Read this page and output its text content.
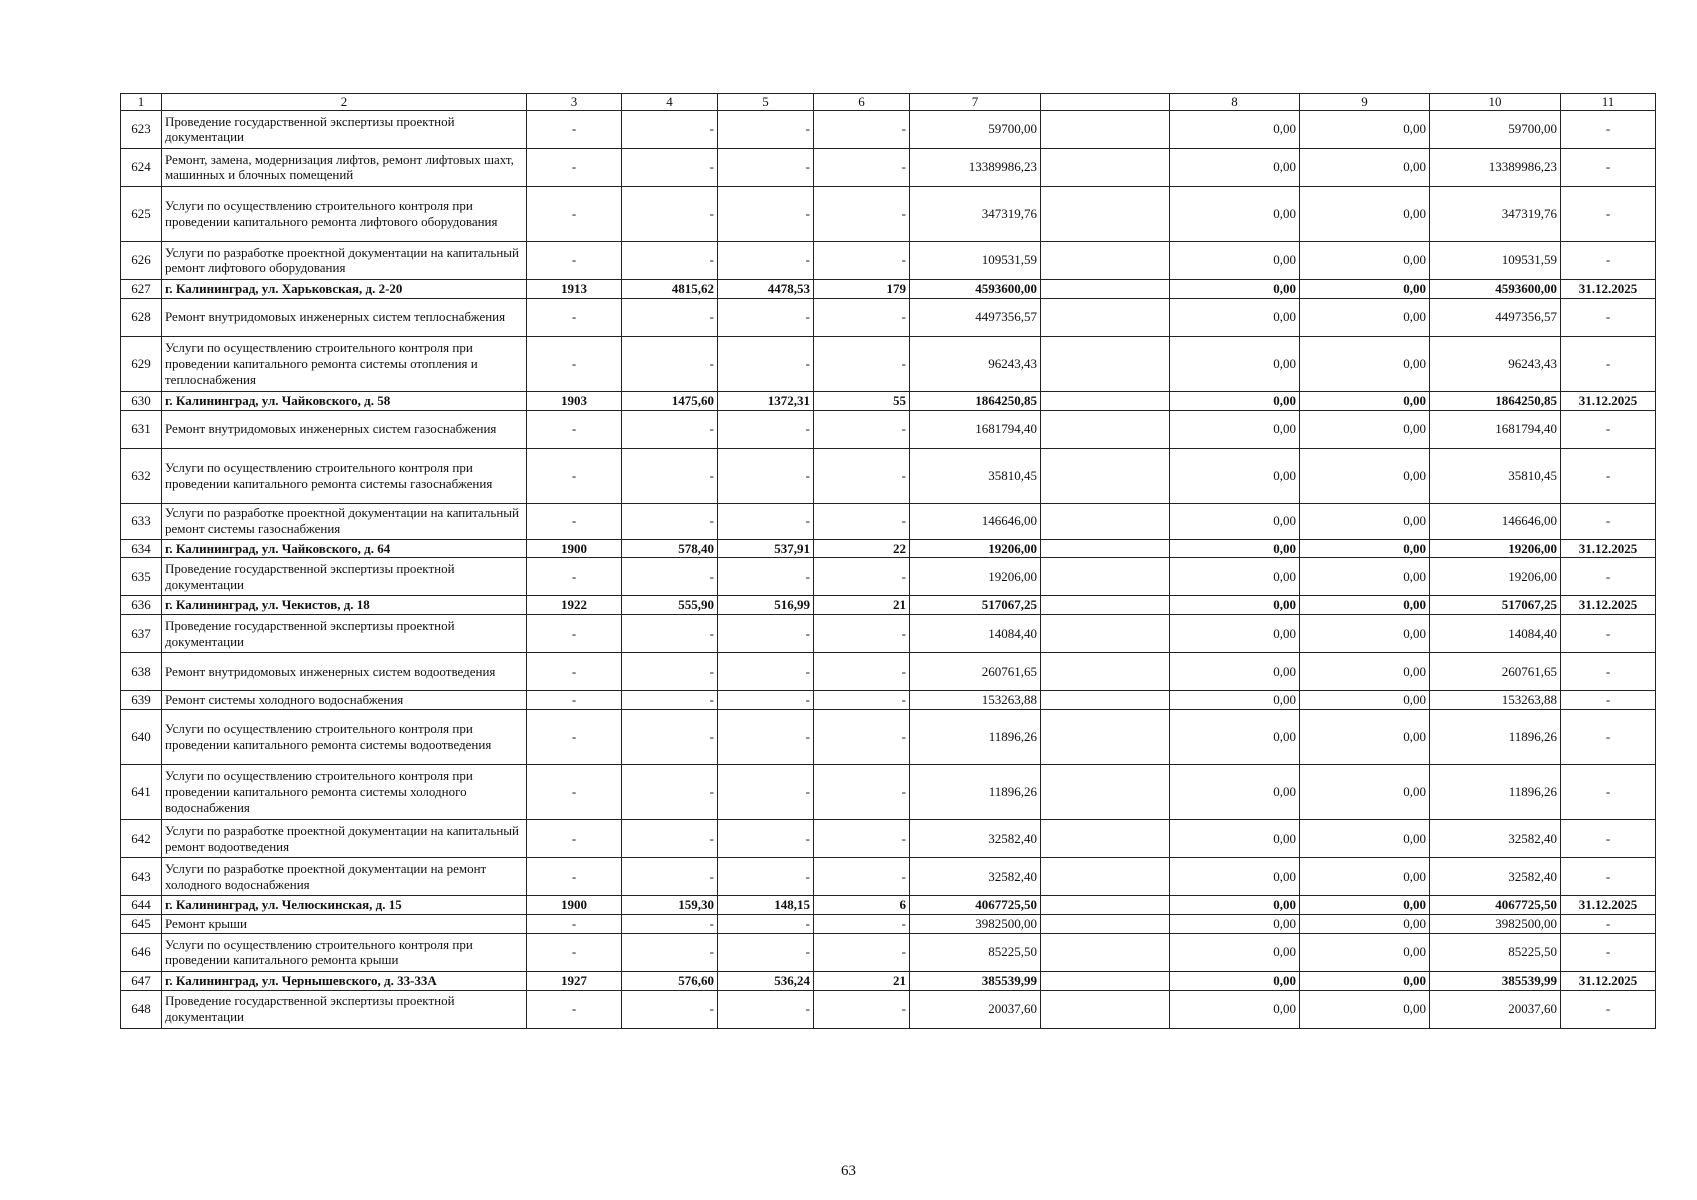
1	2	3	4	5	6	7		8	9	10	11
623	Проведение государственной экспертизы проектной документации	-	-	-	-	59700,00		0,00	0,00	59700,00	-
624	Ремонт, замена, модернизация лифтов, ремонт лифтовых шахт, машинных и блочных помещений	-	-	-	-	13389986,23		0,00	0,00	13389986,23	-
625	Услуги по осуществлению строительного контроля при проведении капитального ремонта лифтового оборудования	-	-	-	-	347319,76		0,00	0,00	347319,76	-
626	Услуги по разработке проектной документации на капитальный ремонт лифтового оборудования	-	-	-	-	109531,59		0,00	0,00	109531,59	-
627	г. Калининград, ул. Харьковская, д. 2-20	1913	4815,62	4478,53	179	4593600,00		0,00	0,00	4593600,00	31.12.2025
628	Ремонт внутридомовых инженерных систем теплоснабжения	-	-	-	-	4497356,57		0,00	0,00	4497356,57	-
629	Услуги по осуществлению строительного контроля при проведении капитального ремонта системы отопления и теплоснабжения	-	-	-	-	96243,43		0,00	0,00	96243,43	-
630	г. Калининград, ул. Чайковского, д. 58	1903	1475,60	1372,31	55	1864250,85		0,00	0,00	1864250,85	31.12.2025
631	Ремонт внутридомовых инженерных систем газоснабжения	-	-	-	-	1681794,40		0,00	0,00	1681794,40	-
632	Услуги по осуществлению строительного контроля при проведении капитального ремонта системы газоснабжения	-	-	-	-	35810,45		0,00	0,00	35810,45	-
633	Услуги по разработке проектной документации на капитальный ремонт системы газоснабжения	-	-	-	-	146646,00		0,00	0,00	146646,00	-
634	г. Калининград, ул. Чайковского, д. 64	1900	578,40	537,91	22	19206,00		0,00	0,00	19206,00	31.12.2025
635	Проведение государственной экспертизы проектной документации	-	-	-	-	19206,00		0,00	0,00	19206,00	-
636	г. Калининград, ул. Чекистов, д. 18	1922	555,90	516,99	21	517067,25		0,00	0,00	517067,25	31.12.2025
637	Проведение государственной экспертизы проектной документации	-	-	-	-	14084,40		0,00	0,00	14084,40	-
638	Ремонт внутридомовых инженерных систем водоотведения	-	-	-	-	260761,65		0,00	0,00	260761,65	-
639	Ремонт системы холодного водоснабжения	-	-	-	-	153263,88		0,00	0,00	153263,88	-
640	Услуги по осуществлению строительного контроля при проведении капитального ремонта системы водоотведения	-	-	-	-	11896,26		0,00	0,00	11896,26	-
641	Услуги по осуществлению строительного контроля при проведении капитального ремонта системы холодного водоснабжения	-	-	-	-	11896,26		0,00	0,00	11896,26	-
642	Услуги по разработке проектной документации на капитальный ремонт водоотведения	-	-	-	-	32582,40		0,00	0,00	32582,40	-
643	Услуги по разработке проектной документации на ремонт холодного водоснабжения	-	-	-	-	32582,40		0,00	0,00	32582,40	-
644	г. Калининград, ул. Челюскинская, д. 15	1900	159,30	148,15	6	4067725,50		0,00	0,00	4067725,50	31.12.2025
645	Ремонт крыши	-	-	-	-	3982500,00		0,00	0,00	3982500,00	-
646	Услуги по осуществлению строительного контроля при проведении капитального ремонта крыши	-	-	-	-	85225,50		0,00	0,00	85225,50	-
647	г. Калининград, ул. Чернышевского, д. 33-33А	1927	576,60	536,24	21	385539,99		0,00	0,00	385539,99	31.12.2025
648	Проведение государственной экспертизы проектной документации	-	-	-	-	20037,60		0,00	0,00	20037,60	-
63
